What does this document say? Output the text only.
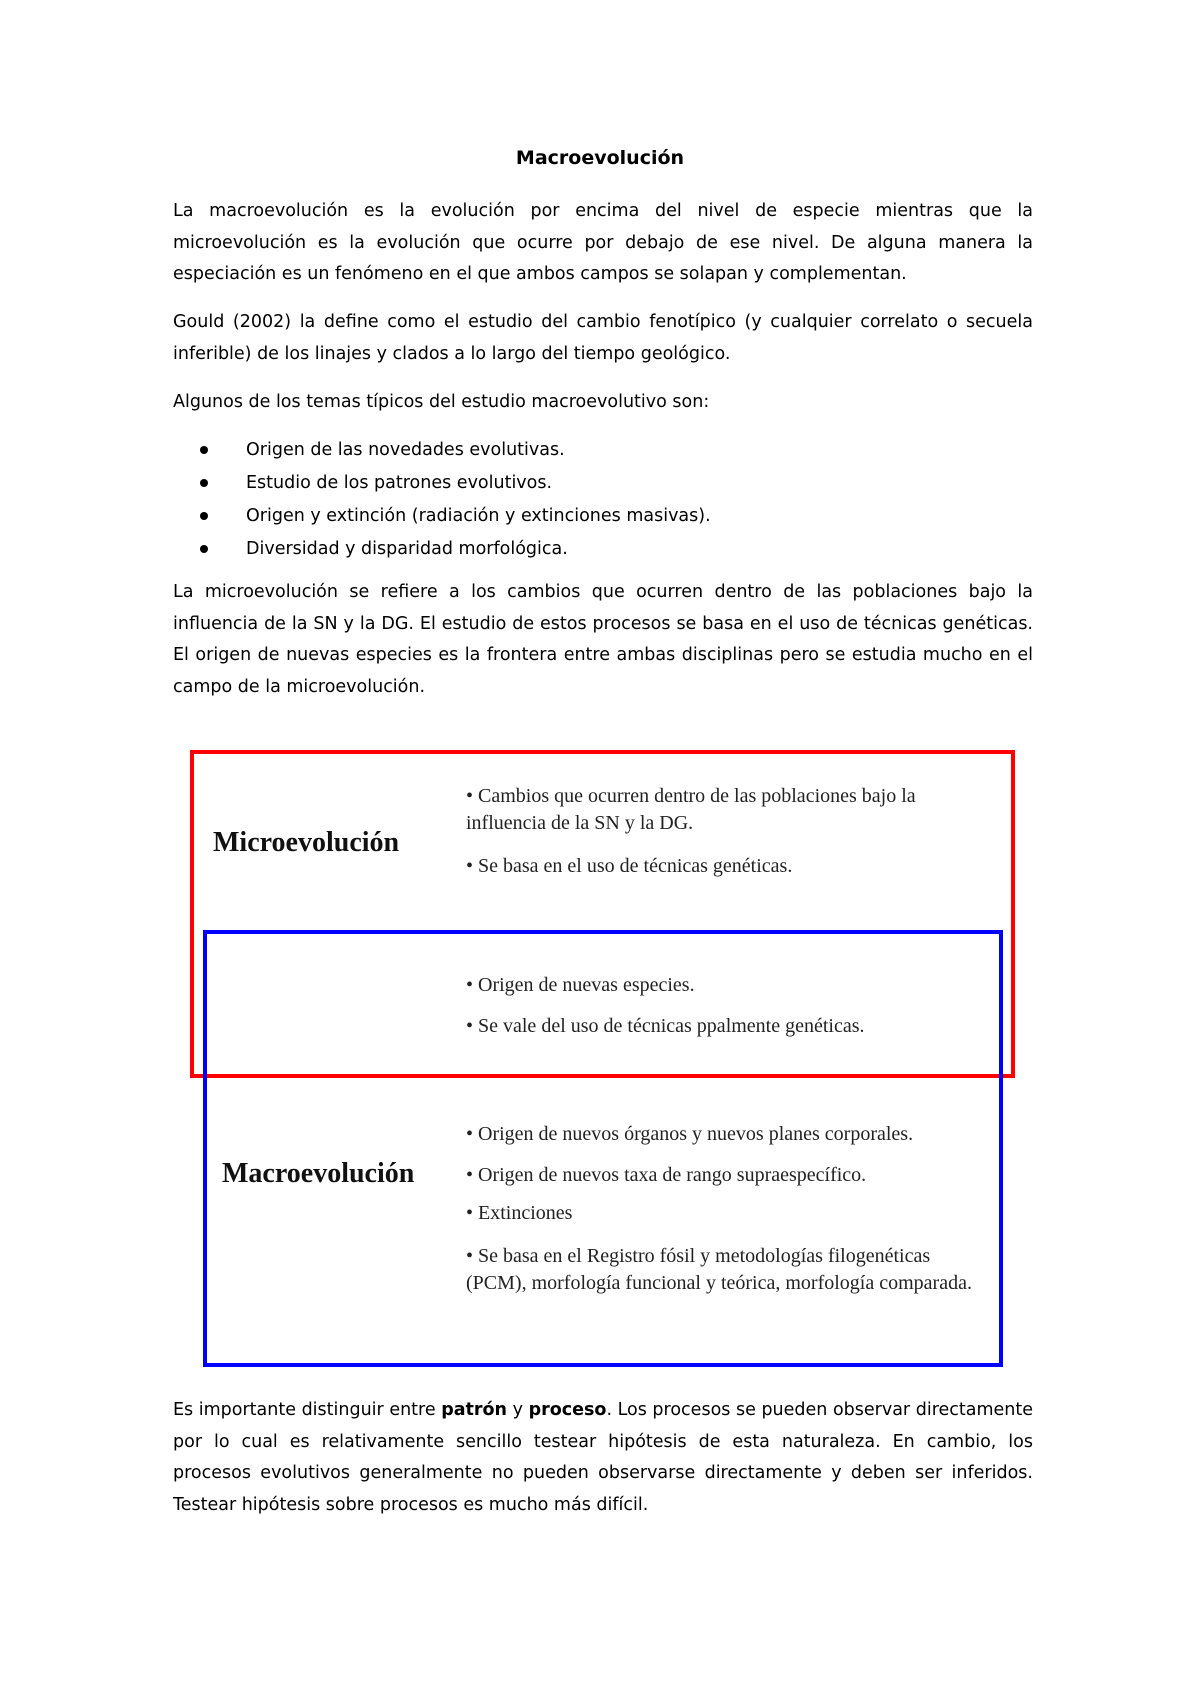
Macroevolución

La macroevolución es la evolución por encima del nivel de especie mientras que la microevolución es la evolución que ocurre por debajo de ese nivel. De alguna manera la especiación es un fenómeno en el que ambos campos se solapan y complementan.

Gould (2002) la define como el estudio del cambio fenotípico (y cualquier correlato o secuela inferible) de los linajes y clados a lo largo del tiempo geológico.

Algunos de los temas típicos del estudio macroevolutivo son:

Origen de las novedades evolutivas.
Estudio de los patrones evolutivos.
Origen y extinción (radiación y extinciones masivas).
Diversidad y disparidad morfológica.

La microevolución se refiere a los cambios que ocurren dentro de las poblaciones bajo la influencia de la SN y la DG. El estudio de estos procesos se basa en el uso de técnicas genéticas. El origen de nuevas especies es la frontera entre ambas disciplinas pero se estudia mucho en el campo de la microevolución.

Microevolución
• Cambios que ocurren dentro de las poblaciones bajo la influencia de la SN y la DG.
• Se basa en el uso de técnicas genéticas.
• Origen de nuevas especies.
• Se vale del uso de técnicas ppalmente genéticas.
Macroevolución
• Origen de nuevos órganos y nuevos planes corporales.
• Origen de nuevos taxa de rango supraespecífico.
• Extinciones
• Se basa en el Registro fósil y metodologías filogenéticas (PCM), morfología funcional y teórica, morfología comparada.

Es importante distinguir entre patrón y proceso. Los procesos se pueden observar directamente por lo cual es relativamente sencillo testear hipótesis de esta naturaleza. En cambio, los procesos evolutivos generalmente no pueden observarse directamente y deben ser inferidos. Testear hipótesis sobre procesos es mucho más difícil.
